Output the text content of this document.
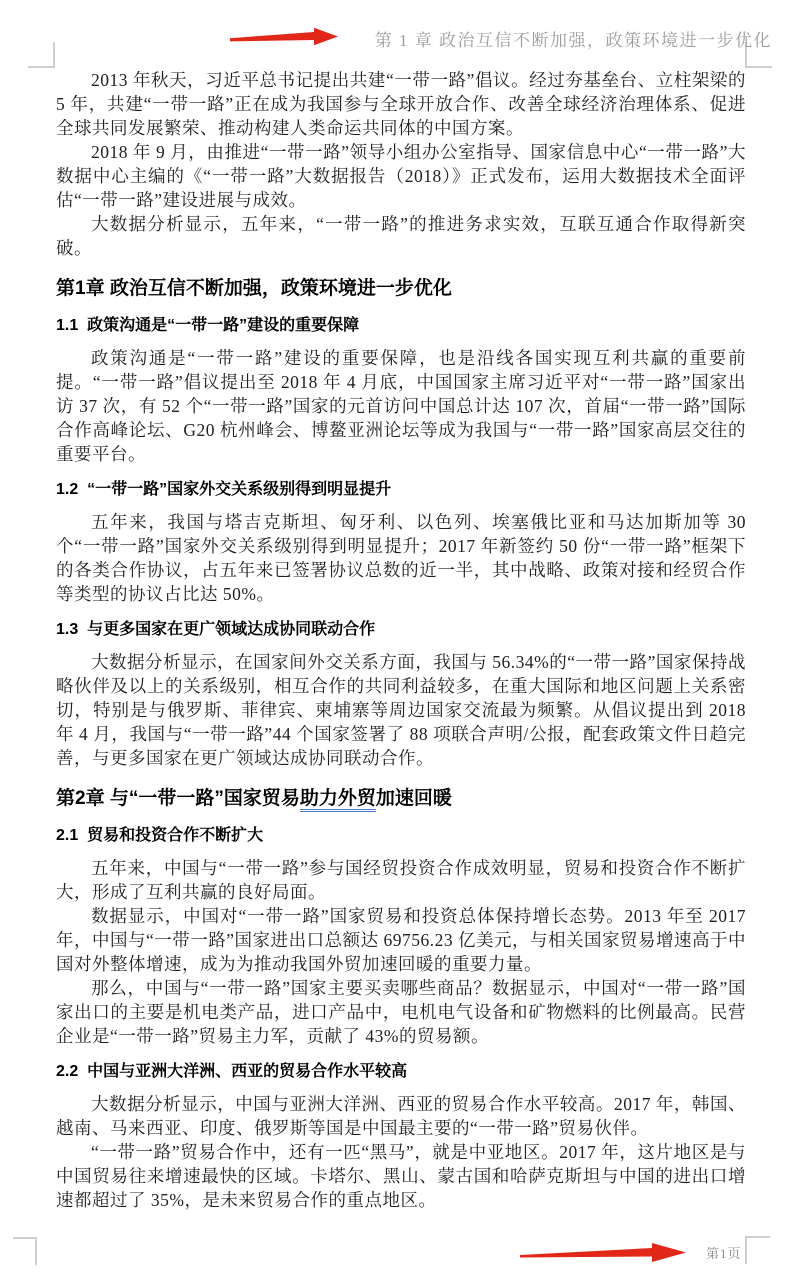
第 1 章 政治互信不断加强，政策环境进一步优化

2013 年秋天，习近平总书记提出共建“一带一路”倡议。经过夯基垒台、立柱架梁的 5 年，共建“一带一路”正在成为我国参与全球开放合作、改善全球经济治理体系、促进全球共同发展繁荣、推动构建人类命运共同体的中国方案。

2018 年 9 月，由推进“一带一路”领导小组办公室指导、国家信息中心“一带一路”大数据中心主编的《“一带一路”大数据报告（2018）》正式发布，运用大数据技术全面评估“一带一路”建设进展与成效。

大数据分析显示，五年来，“一带一路”的推进务求实效，互联互通合作取得新突破。

第1章 政治互信不断加强，政策环境进一步优化
1.1  政策沟通是“一带一路”建设的重要保障

政策沟通是“一带一路”建设的重要保障，也是沿线各国实现互利共赢的重要前提。“一带一路”倡议提出至 2018 年 4 月底，中国国家主席习近平对“一带一路”国家出访 37 次，有 52 个“一带一路”国家的元首访问中国总计达 107 次，首届“一带一路”国际合作高峰论坛、G20 杭州峰会、博鳌亚洲论坛等成为我国与“一带一路”国家高层交往的重要平台。

1.2  “一带一路”国家外交关系级别得到明显提升

五年来，我国与塔吉克斯坦、匈牙利、以色列、埃塞俄比亚和马达加斯加等 30 个“一带一路”国家外交关系级别得到明显提升；2017 年新签约 50 份“一带一路”框架下的各类合作协议，占五年来已签署协议总数的近一半，其中战略、政策对接和经贸合作等类型的协议占比达 50%。

1.3  与更多国家在更广领域达成协同联动合作

大数据分析显示，在国家间外交关系方面，我国与 56.34%的“一带一路”国家保持战略伙伴及以上的关系级别，相互合作的共同利益较多，在重大国际和地区问题上关系密切，特别是与俄罗斯、菲律宾、柬埔寨等周边国家交流最为频繁。从倡议提出到 2018 年 4 月，我国与“一带一路”44 个国家签署了 88 项联合声明/公报，配套政策文件日趋完善，与更多国家在更广领域达成协同联动合作。

第2章 与“一带一路”国家贸易助力外贸加速回暖
2.1  贸易和投资合作不断扩大

五年来，中国与“一带一路”参与国经贸投资合作成效明显，贸易和投资合作不断扩大，形成了互利共赢的良好局面。

数据显示，中国对“一带一路”国家贸易和投资总体保持增长态势。2013 年至 2017 年，中国与“一带一路”国家进出口总额达 69756.23 亿美元，与相关国家贸易增速高于中国对外整体增速，成为为推动我国外贸加速回暖的重要力量。

那么，中国与“一带一路”国家主要买卖哪些商品？数据显示，中国对“一带一路”国家出口的主要是机电类产品，进口产品中，电机电气设备和矿物燃料的比例最高。民营企业是“一带一路”贸易主力军，贡献了 43%的贸易额。

2.2  中国与亚洲大洋洲、西亚的贸易合作水平较高

大数据分析显示，中国与亚洲大洋洲、西亚的贸易合作水平较高。2017 年，韩国、越南、马来西亚、印度、俄罗斯等国是中国最主要的“一带一路”贸易伙伴。

“一带一路”贸易合作中，还有一匹“黑马”，就是中亚地区。2017 年，这片地区是与中国贸易往来增速最快的区域。卡塔尔、黑山、蒙古国和哈萨克斯坦与中国的进出口增速都超过了 35%，是未来贸易合作的重点地区。

第1页
